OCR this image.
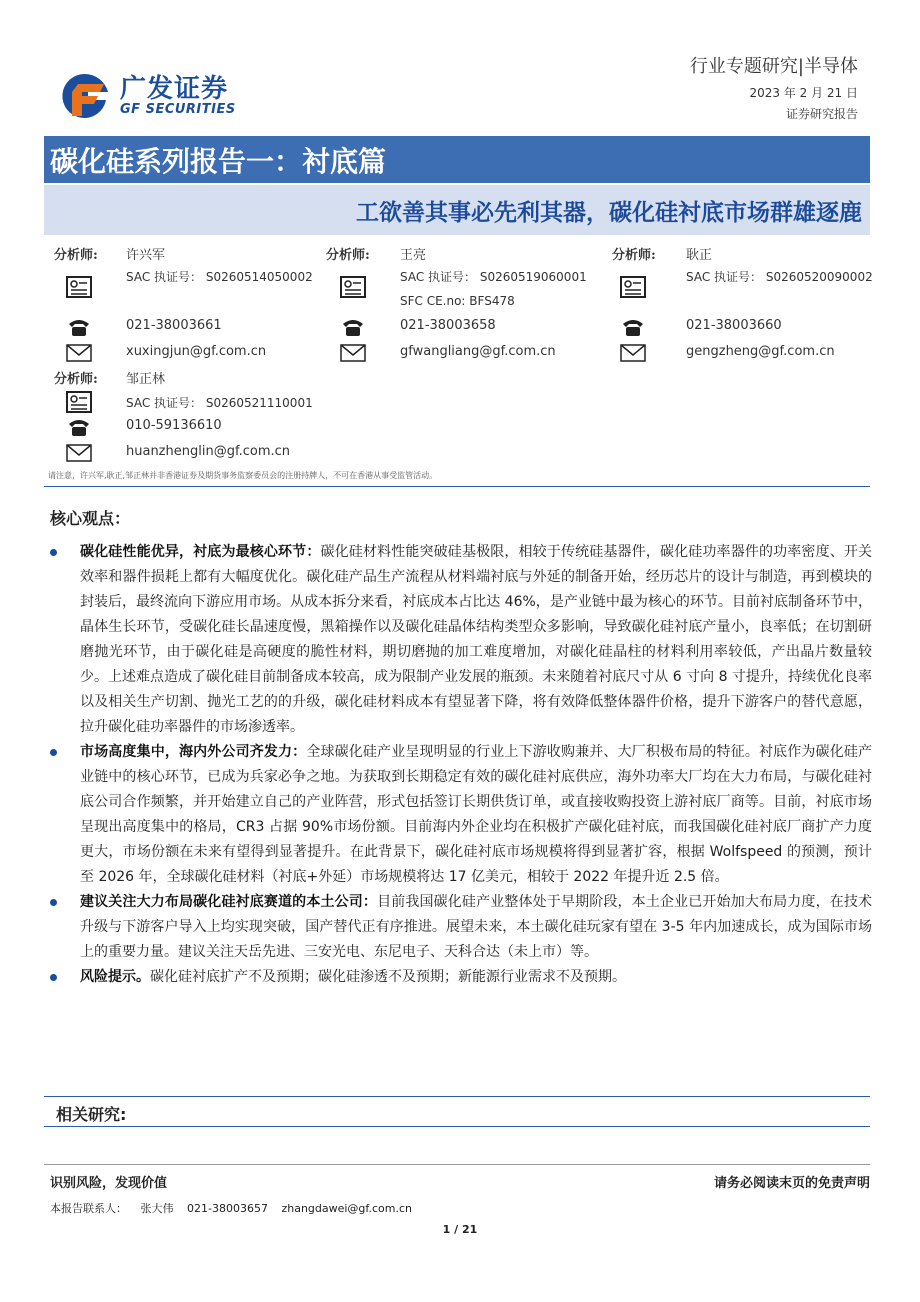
广发证券
GF SECURITIES
行业专题研究|半导体
2023 年 2 月 21 日
证券研究报告
碳化硅系列报告一：衬底篇
工欲善其事必先利其器，碳化硅衬底市场群雄逐鹿
分析师: 许兴军
SAC 执证号： S0260514050002
021-38003661
xuxingjun@gf.com.cn
分析师: 王亮
SAC 执证号： S0260519060001
SFC CE.no: BFS478
021-38003658
gfwangliang@gf.com.cn
分析师: 耿正
SAC 执证号： S0260520090002
021-38003660
gengzheng@gf.com.cn
分析师: 邹正林
SAC 执证号： S0260521110001
010-59136610
huanzhenglin@gf.com.cn
请注意，许兴军,耿正,邹正林并非香港证券及期货事务监察委员会的注册持牌人，不可在香港从事受监管活动。
核心观点：
碳化硅性能优异，衬底为最核心环节：碳化硅材料性能突破硅基极限，相较于传统硅基器件，碳化硅功率器件的功率密度、开关效率和器件损耗上都有大幅度优化。碳化硅产品生产流程从材料端衬底与外延的制备开始，经历芯片的设计与制造，再到模块的封装后，最终流向下游应用市场。从成本拆分来看，衬底成本占比达 46%，是产业链中最为核心的环节。目前衬底制备环节中，晶体生长环节，受碳化硅长晶速度慢，黑箱操作以及碳化硅晶体结构类型众多影响，导致碳化硅衬底产量小，良率低；在切割研磨抛光环节，由于碳化硅是高硬度的脆性材料，期切磨抛的加工难度增加，对碳化硅晶柱的材料利用率较低，产出晶片数量较少。上述难点造成了碳化硅目前制备成本较高，成为限制产业发展的瓶颈。未来随着衬底尺寸从 6 寸向 8 寸提升，持续优化良率以及相关生产切割、抛光工艺的的升级，碳化硅材料成本有望显著下降，将有效降低整体器件价格，提升下游客户的替代意愿，拉升碳化硅功率器件的市场渗透率。
市场高度集中，海内外公司齐发力：全球碳化硅产业呈现明显的行业上下游收购兼并、大厂积极布局的特征。衬底作为碳化硅产业链中的核心环节，已成为兵家必争之地。为获取到长期稳定有效的碳化硅衬底供应，海外功率大厂均在大力布局，与碳化硅衬底公司合作频繁，并开始建立自己的产业阵营，形式包括签订长期供货订单，或直接收购投资上游衬底厂商等。目前，衬底市场呈现出高度集中的格局，CR3 占据 90%市场份额。目前海内外企业均在积极扩产碳化硅衬底，而我国碳化硅衬底厂商扩产力度更大，市场份额在未来有望得到显著提升。在此背景下，碳化硅衬底市场规模将得到显著扩容，根据 Wolfspeed 的预测，预计至 2026 年，全球碳化硅材料（衬底+外延）市场规模将达 17 亿美元，相较于 2022 年提升近 2.5 倍。
建议关注大力布局碳化硅衬底赛道的本土公司：目前我国碳化硅产业整体处于早期阶段，本土企业已开始加大布局力度，在技术升级与下游客户导入上均实现突破，国产替代正有序推进。展望未来，本土碳化硅玩家有望在 3-5 年内加速成长，成为国际市场上的重要力量。建议关注天岳先进、三安光电、东尼电子、天科合达（未上市）等。
风险提示。碳化硅衬底扩产不及预期；碳化硅渗透不及预期；新能源行业需求不及预期。
相关研究:
识别风险，发现价值	请务必阅读末页的免责声明
本报告联系人： 张大伟 021-38003657 zhangdawei@gf.com.cn
1 / 21
